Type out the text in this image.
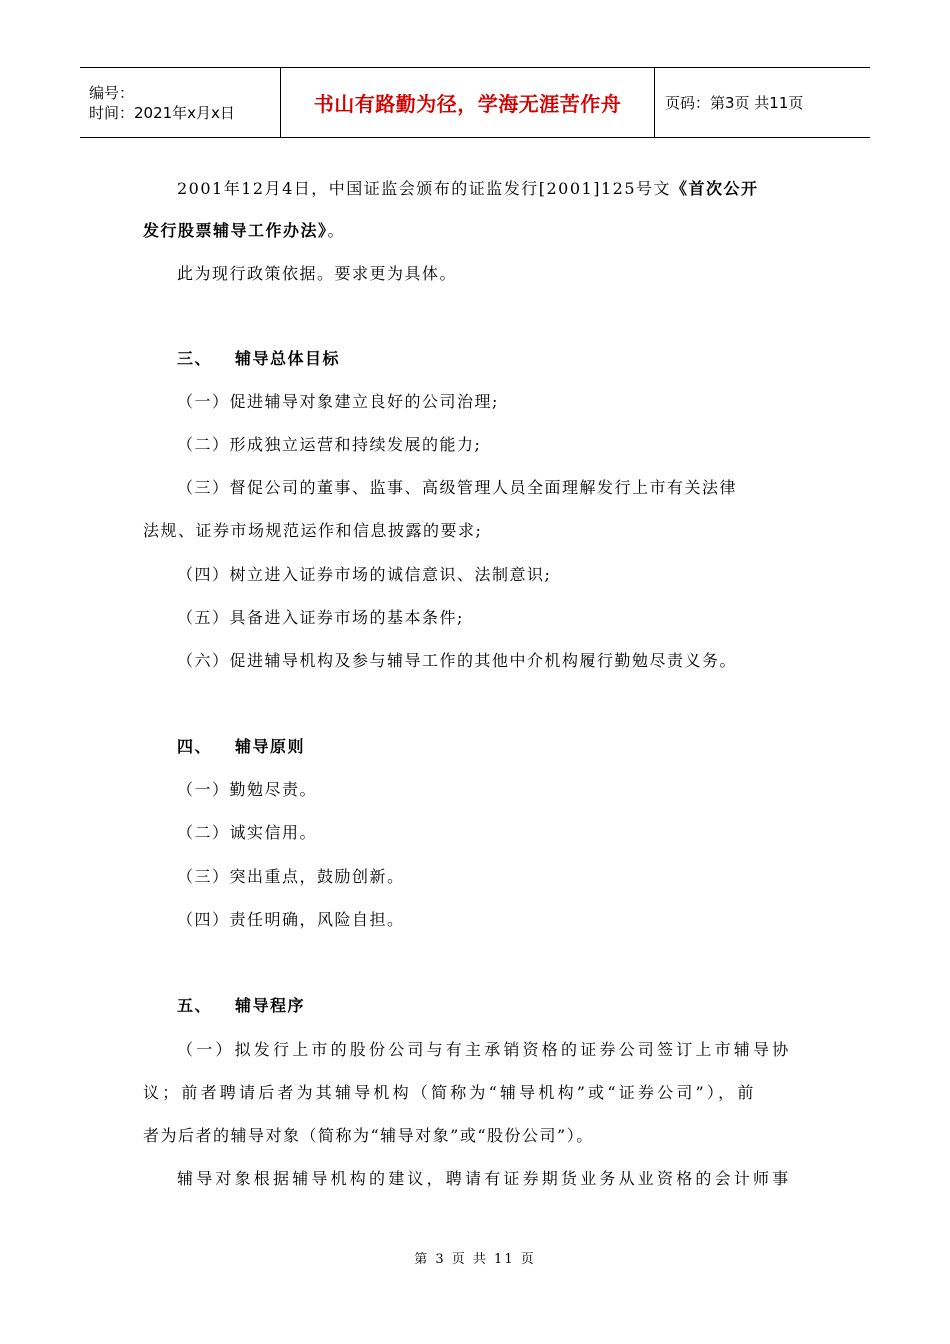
编号：
时间：2021年x月x日	书山有路勤为径，学海无涯苦作舟	页码：第3页 共11页
2001年12月4日，中国证监会颁布的证监发行[2001]125号文《首次公开
发行股票辅导工作办法》。
此为现行政策依据。要求更为具体。
三、 辅导总体目标
（一）促进辅导对象建立良好的公司治理;
（二）形成独立运营和持续发展的能力;
（三）督促公司的董事、监事、高级管理人员全面理解发行上市有关法律
法规、证券市场规范运作和信息披露的要求;
（四）树立进入证券市场的诚信意识、法制意识;
（五）具备进入证券市场的基本条件;
（六）促进辅导机构及参与辅导工作的其他中介机构履行勤勉尽责义务。
四、 辅导原则
（一）勤勉尽责。
（二）诚实信用。
（三）突出重点，鼓励创新。
（四）责任明确，风险自担。
五、 辅导程序
（一）拟发行上市的股份公司与有主承销资格的证券公司签订上市辅导协
议；前者聘请后者为其辅导机构（简称为“辅导机构”或“证券公司”），前
者为后者的辅导对象（简称为“辅导对象”或“股份公司”）。
辅导对象根据辅导机构的建议，聘请有证券期货业务从业资格的会计师事
第 3 页 共 11 页
